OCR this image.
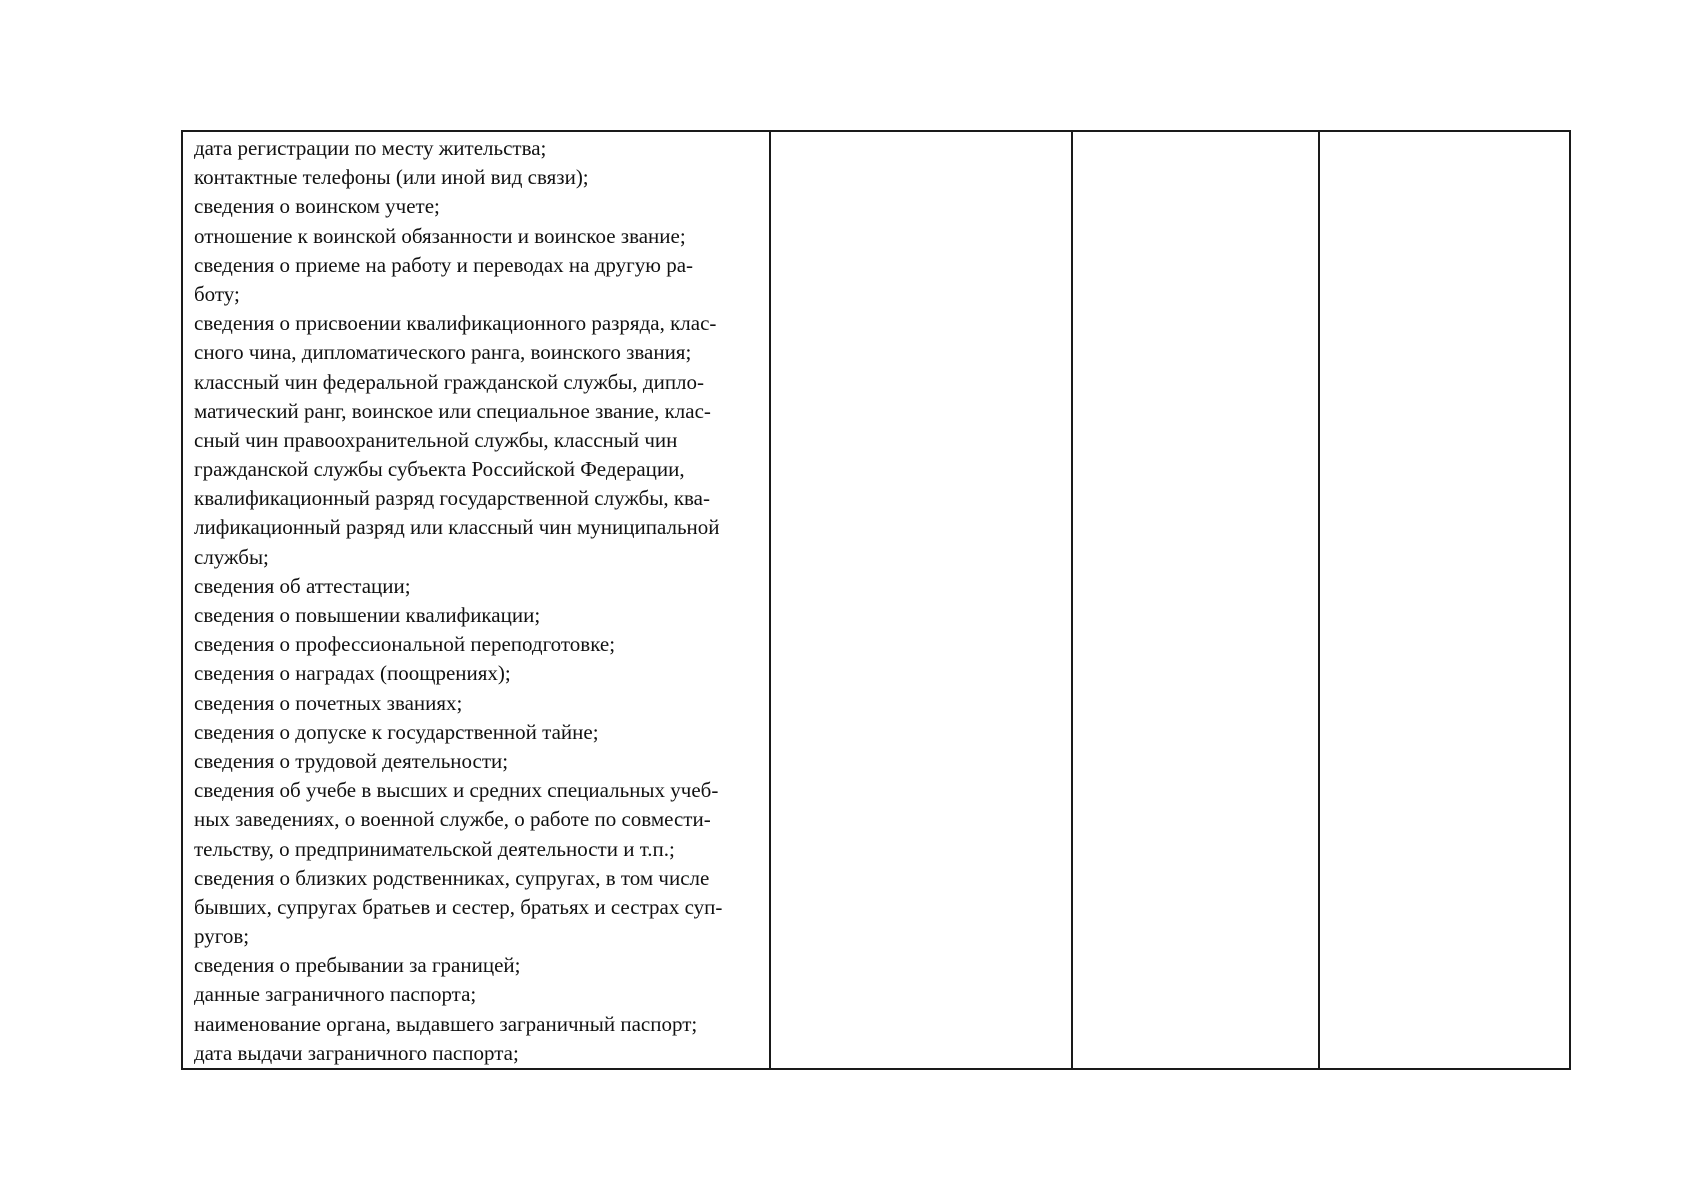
дата регистрации по месту жительства;
контактные телефоны (или иной вид связи);
сведения о воинском учете;
отношение к воинской обязанности и воинское звание;
сведения о приеме на работу и переводах на другую ра-
боту;
сведения о присвоении квалификационного разряда, клас-
сного чина, дипломатического ранга, воинского звания;
классный чин федеральной гражданской службы, дипло-
матический ранг, воинское или специальное звание, клас-
сный чин правоохранительной службы, классный чин
гражданской службы субъекта Российской Федерации,
квалификационный разряд государственной службы, ква-
лификационный разряд или классный чин муниципальной
службы;
сведения об аттестации;
сведения о повышении квалификации;
сведения о профессиональной переподготовке;
сведения о наградах (поощрениях);
сведения о почетных званиях;
сведения о допуске к государственной тайне;
сведения о трудовой деятельности;
сведения об учебе в высших и средних специальных учеб-
ных заведениях, о военной службе, о работе по совмести-
тельству, о предпринимательской деятельности и т.п.;
сведения о близких родственниках, супругах, в том числе
бывших, супругах братьев и сестер, братьях и сестрах суп-
ругов;
сведения о пребывании за границей;
данные заграничного паспорта;
наименование органа, выдавшего заграничный паспорт;
дата выдачи заграничного паспорта;
